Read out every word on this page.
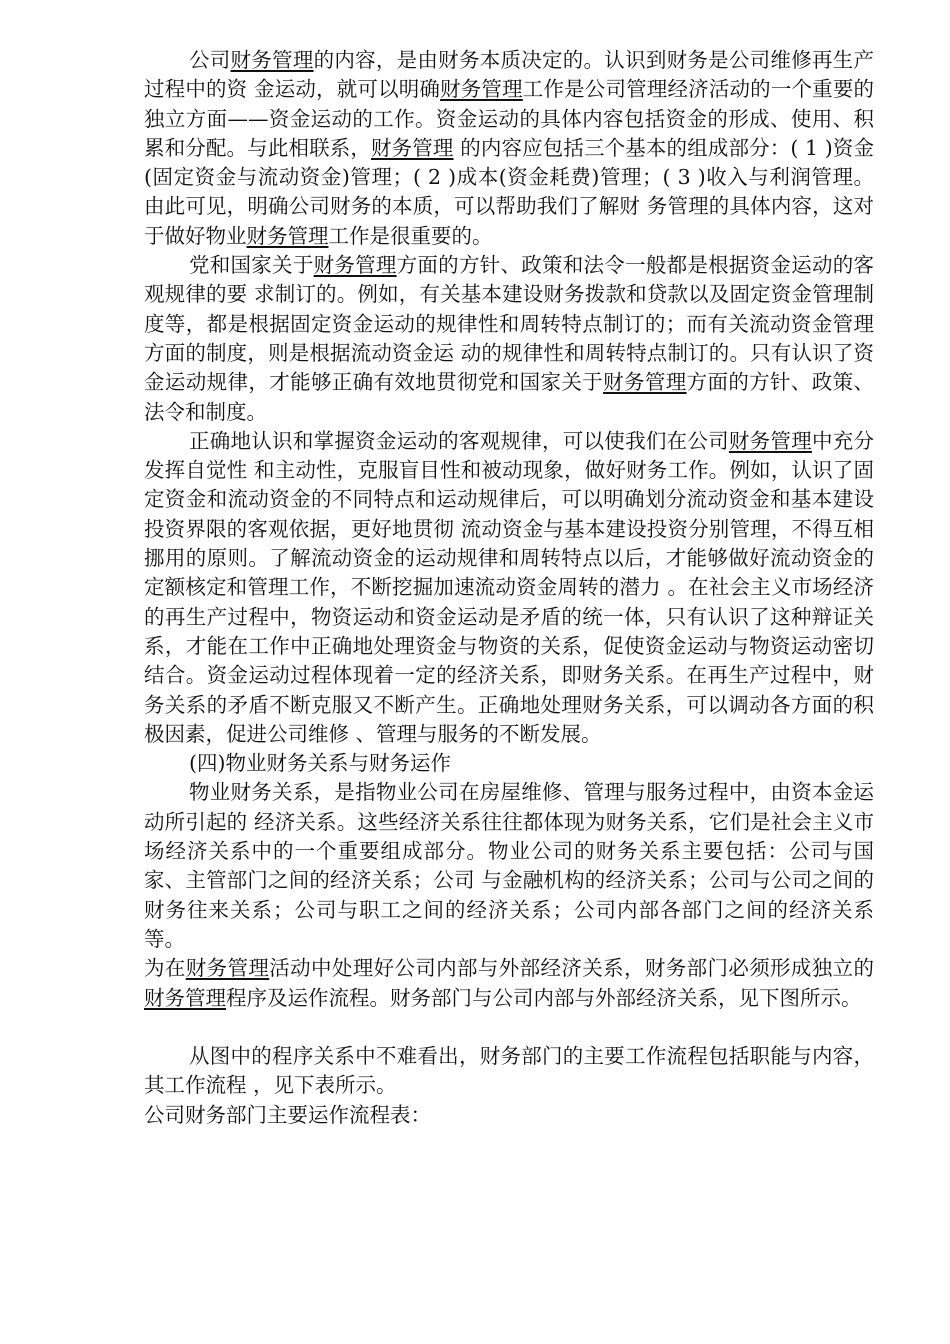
公司财务管理的内容，是由财务本质决定的。认识到财务是公司维修再生产过程中的资 金运动，就可以明确财务管理工作是公司管理经济活动的一个重要的独立方面——资金运动的工作。资金运动的具体内容包括资金的形成、使用、积累和分配。与此相联系，财务管理 的内容应包括三个基本的组成部分：( 1 )资金(固定资金与流动资金)管理；( 2 )成本(资金耗费)管理；( 3 )收入与利润管理。由此可见，明确公司财务的本质，可以帮助我们了解财 务管理的具体内容，这对于做好物业财务管理工作是很重要的。

党和国家关于财务管理方面的方针、政策和法令一般都是根据资金运动的客观规律的要 求制订的。例如，有关基本建设财务拨款和贷款以及固定资金管理制度等，都是根据固定资金运动的规律性和周转特点制订的；而有关流动资金管理方面的制度，则是根据流动资金运 动的规律性和周转特点制订的。只有认识了资金运动规律，才能够正确有效地贯彻党和国家关于财务管理方面的方针、政策、法令和制度。

正确地认识和掌握资金运动的客观规律，可以使我们在公司财务管理中充分发挥自觉性 和主动性，克服盲目性和被动现象，做好财务工作。例如，认识了固定资金和流动资金的不同特点和运动规律后，可以明确划分流动资金和基本建设投资界限的客观依据，更好地贯彻 流动资金与基本建设投资分别管理，不得互相挪用的原则。了解流动资金的运动规律和周转特点以后，才能够做好流动资金的定额核定和管理工作，不断挖掘加速流动资金周转的潜力 。在社会主义市场经济的再生产过程中，物资运动和资金运动是矛盾的统一体，只有认识了这种辩证关系，才能在工作中正确地处理资金与物资的关系，促使资金运动与物资运动密切 结合。资金运动过程体现着一定的经济关系，即财务关系。在再生产过程中，财务关系的矛盾不断克服又不断产生。正确地处理财务关系，可以调动各方面的积极因素，促进公司维修 、管理与服务的不断发展。

(四)物业财务关系与财务运作

物业财务关系，是指物业公司在房屋维修、管理与服务过程中，由资本金运动所引起的 经济关系。这些经济关系往往都体现为财务关系，它们是社会主义市场经济关系中的一个重要组成部分。物业公司的财务关系主要包括：公司与国家、主管部门之间的经济关系；公司 与金融机构的经济关系；公司与公司之间的财务往来关系；公司与职工之间的经济关系；公司内部各部门之间的经济关系等。

为在财务管理活动中处理好公司内部与外部经济关系，财务部门必须形成独立的财务管理程序及运作流程。财务部门与公司内部与外部经济关系，见下图所示。

从图中的程序关系中不难看出，财务部门的主要工作流程包括职能与内容，其工作流程 ，见下表所示。

公司财务部门主要运作流程表：
